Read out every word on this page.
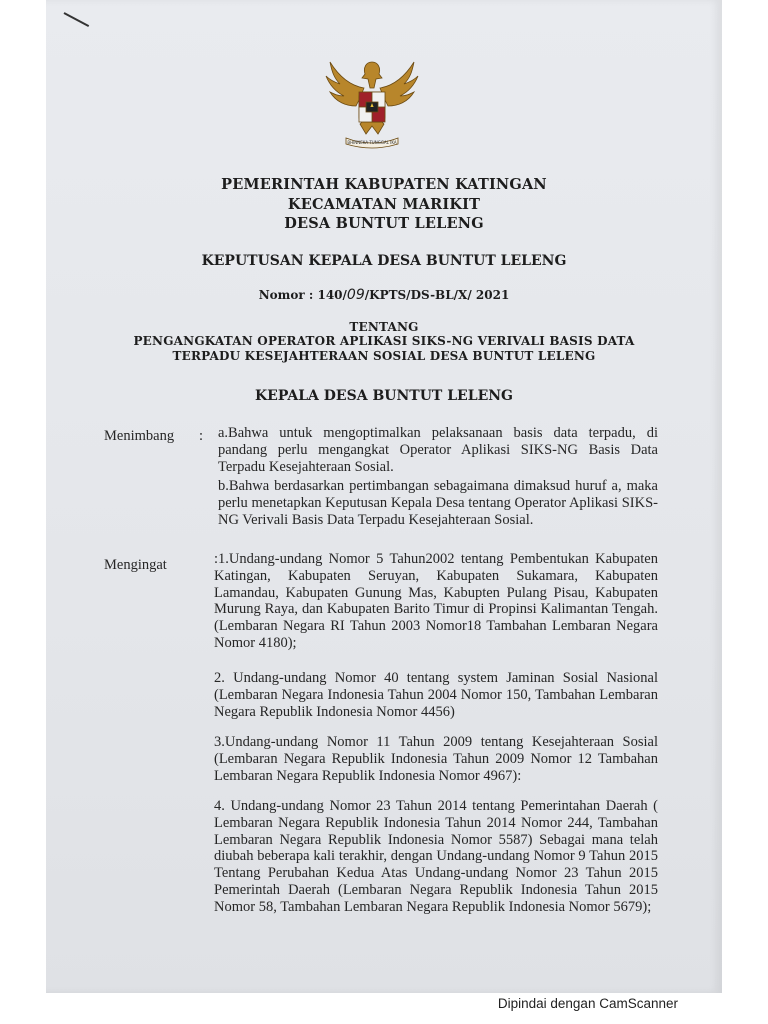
BHINNEKA TUNGGAL IKA
PEMERINTAH KABUPATEN KATINGAN
KECAMATAN MARIKIT
DESA BUNTUT LELENG
KEPUTUSAN KEPALA DESA BUNTUT LELENG
Nomor : 140/09/KPTS/DS-BL/X/ 2021
TENTANG
PENGANGKATAN OPERATOR APLIKASI SIKS-NG VERIVALI BASIS DATA
TERPADU KESEJAHTERAAN SOSIAL DESA BUNTUT LELENG
KEPALA DESA BUNTUT LELENG
Menimbang : a.Bahwa untuk mengoptimalkan pelaksanaan basis data terpadu, di pandang perlu mengangkat Operator Aplikasi SIKS-NG Basis Data Terpadu Kesejahteraan Sosial.
b.Bahwa berdasarkan pertimbangan sebagaimana dimaksud huruf a, maka perlu menetapkan Keputusan Kepala Desa tentang Operator Aplikasi SIKS-NG Verivali Basis Data Terpadu Kesejahteraan Sosial.
Mengingat	:1.Undang-undang Nomor 5 Tahun2002 tentang Pembentukan Kabupaten Katingan, Kabupaten Seruyan, Kabupaten Sukamara, Kabupaten Lamandau, Kabupaten Gunung Mas, Kabupten Pulang Pisau, Kabupaten Murung Raya, dan Kabupaten Barito Timur di Propinsi Kalimantan Tengah. (Lembaran Negara RI Tahun 2003 Nomor18 Tambahan Lembaran Negara Nomor 4180);
2. Undang-undang Nomor 40 tentang system Jaminan Sosial Nasional (Lembaran Negara Indonesia Tahun 2004 Nomor 150, Tambahan Lembaran Negara Republik Indonesia Nomor 4456)
3.Undang-undang Nomor 11 Tahun 2009 tentang Kesejahteraan Sosial (Lembaran Negara Republik Indonesia Tahun 2009 Nomor 12 Tambahan Lembaran Negara Republik Indonesia Nomor 4967):
4. Undang-undang Nomor 23 Tahun 2014 tentang Pemerintahan Daerah ( Lembaran Negara Republik Indonesia Tahun 2014 Nomor 244, Tambahan Lembaran Negara Republik Indonesia Nomor 5587) Sebagai mana telah diubah beberapa kali terakhir, dengan Undang-undang Nomor 9 Tahun 2015 Tentang Perubahan Kedua Atas Undang-undang Nomor 23 Tahun 2015 Pemerintah Daerah (Lembaran Negara Republik Indonesia Tahun 2015 Nomor 58, Tambahan Lembaran Negara Republik Indonesia Nomor 5679);
Dipindai dengan CamScanner
